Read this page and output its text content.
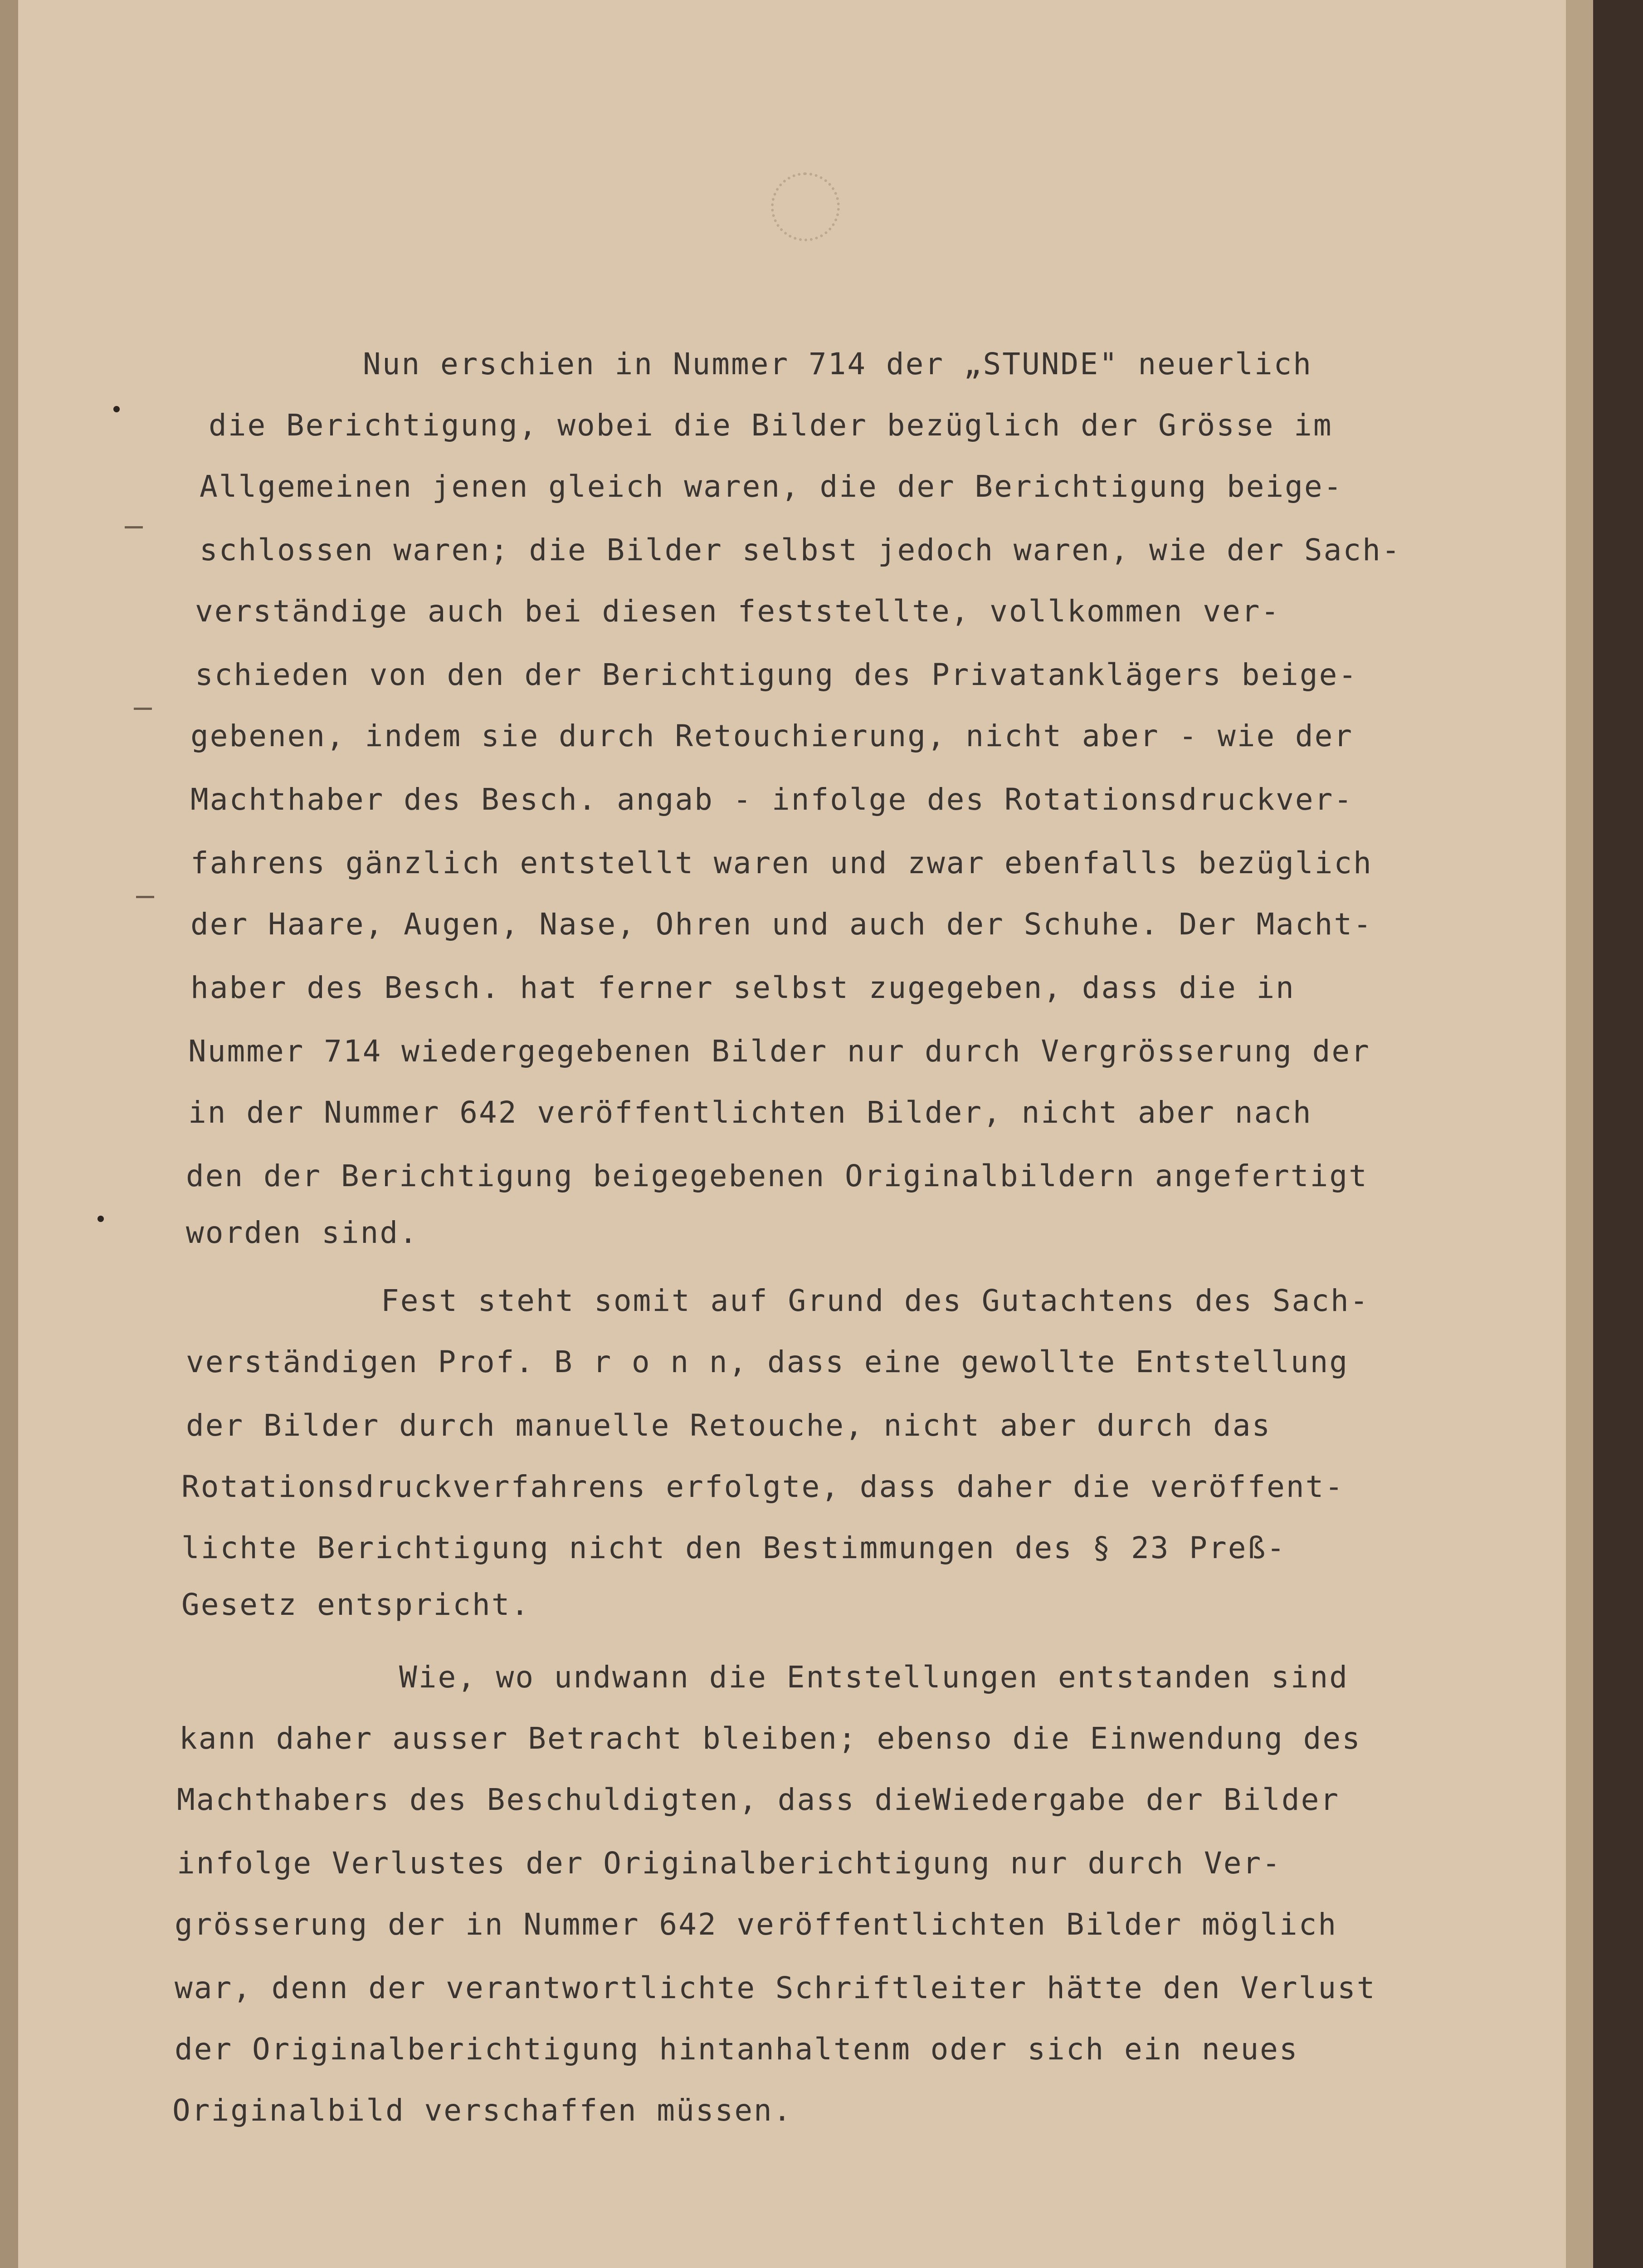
Nun erschien in Nummer 714 der „STUNDE" neuerlich

die Berichtigung, wobei die Bilder bezüglich der Grösse im

Allgemeinen jenen gleich waren, die der Berichtigung beige-

schlossen waren; die Bilder selbst jedoch waren, wie der Sach-

verständige auch bei diesen feststellte, vollkommen ver-

schieden von den der Berichtigung des Privatanklägers beige-

gebenen, indem sie durch Retouchierung, nicht aber - wie der

Machthaber des Besch. angab - infolge des Rotationsdruckver-

fahrens gänzlich entstellt waren und zwar ebenfalls bezüglich

der Haare, Augen, Nase, Ohren und auch der Schuhe. Der Macht-

haber des Besch. hat ferner selbst zugegeben, dass die in

Nummer 714 wiedergegebenen Bilder nur durch Vergrösserung der

in der Nummer 642 veröffentlichten Bilder, nicht aber nach

den der Berichtigung beigegebenen Originalbildern angefertigt

worden sind.

Fest steht somit auf Grund des Gutachtens des Sach-

verständigen Prof. B r o n n, dass eine gewollte Entstellung

der Bilder durch manuelle Retouche, nicht aber durch das

Rotationsdruckverfahrens erfolgte, dass daher die veröffent-

lichte Berichtigung nicht den Bestimmungen des § 23 Preß-

Gesetz entspricht.

Wie, wo undwann die Entstellungen entstanden sind

kann daher ausser Betracht bleiben; ebenso die Einwendung des

Machthabers des Beschuldigten, dass dieWiedergabe der Bilder

infolge Verlustes der Originalberichtigung nur durch Ver-

grösserung der in Nummer 642 veröffentlichten Bilder möglich

war, denn der verantwortlichte Schriftleiter hätte den Verlust

der Originalberichtigung hintanhaltenm oder sich ein neues

Originalbild verschaffen müssen.
